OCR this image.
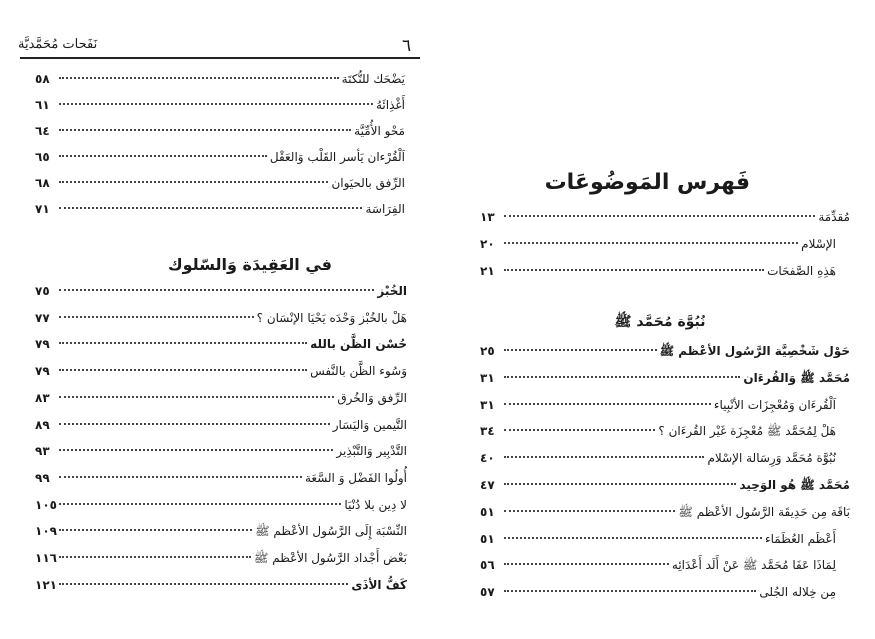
نَفَحات مُحَمَّديَّة	٦
٥٨	يَضْحَك للنُّكتَة
٦١	أَغْذِائَهُ
٦٤	مَحْو الأُمِّيَّة
٦٥	اَلْقُرْءان يَأسر القَلْب وَالعَقْل
٦٨	الرِّفق بالحيَوان
٧١	الفِرَاسَة
في العَقِيدَة وَالسّلوك
٧٥	الخُبْز
٧٧	هَلْ بالخُبْز وَحْدَه يَحْيَا الإنْسَان ؟
٧٩	حُسْن الظَّن بالله
٧٩	وَسُوء الظَّن بالنَّفس
٨٣	الرِّفق وَالخُرق
٨٩	التَّيمين وَاليَسَار
٩٣	التَّدْبِير وَالتَّبْذِير
٩٩	أُولُوا الفَضْل وَ السَّعَة
١٠٥	لا دِين بلا دُنْيَا
١٠٩	النِّسْبَة إِلَى الرَّسُول الأعْظم ﷺ
١١٦	بَعْض أَجْداد الرَّسُول الأعْظم ﷺ
١٢١	كَفُّ الأذَى
فَهرس المَوضُوعَات
١٣	مُقدِّمَة
٢٠	الإسْلام
٢١	هَذِهِ الصَّفحَات
نُبُوَّة مُحَمَّد ﷺ
٢٥	حَوْل شَخْصِيَّة الرَّسُول الأعْظم ﷺ
٣١	مُحَمَّد ﷺ وَالقُرءَان
٣١	اَلْقُرءَان وَمُعْجِزَات الأنْبِياء
٣٤	هَلْ لِمُحَمَّد ﷺ مُعْجِزَة غَيْر القُرءَان ؟
٤٠	نُبُوَّة مُحَمَّد وَرِسَالة الإسْلام
٤٧	مُحَمَّد ﷺ هُو الوَحِيد
٥١	بَاقَة مِن حَدِيقَة الرَّسُول الأعْظم ﷺ
٥١	أَعْظَم العُظَمَاء
٥٦	لِمَاذَا عَفَا مُحَمَّد ﷺ عَنْ أَلَد أَعْدَائِه
٥٧	مِن خِلاله الجُلى
